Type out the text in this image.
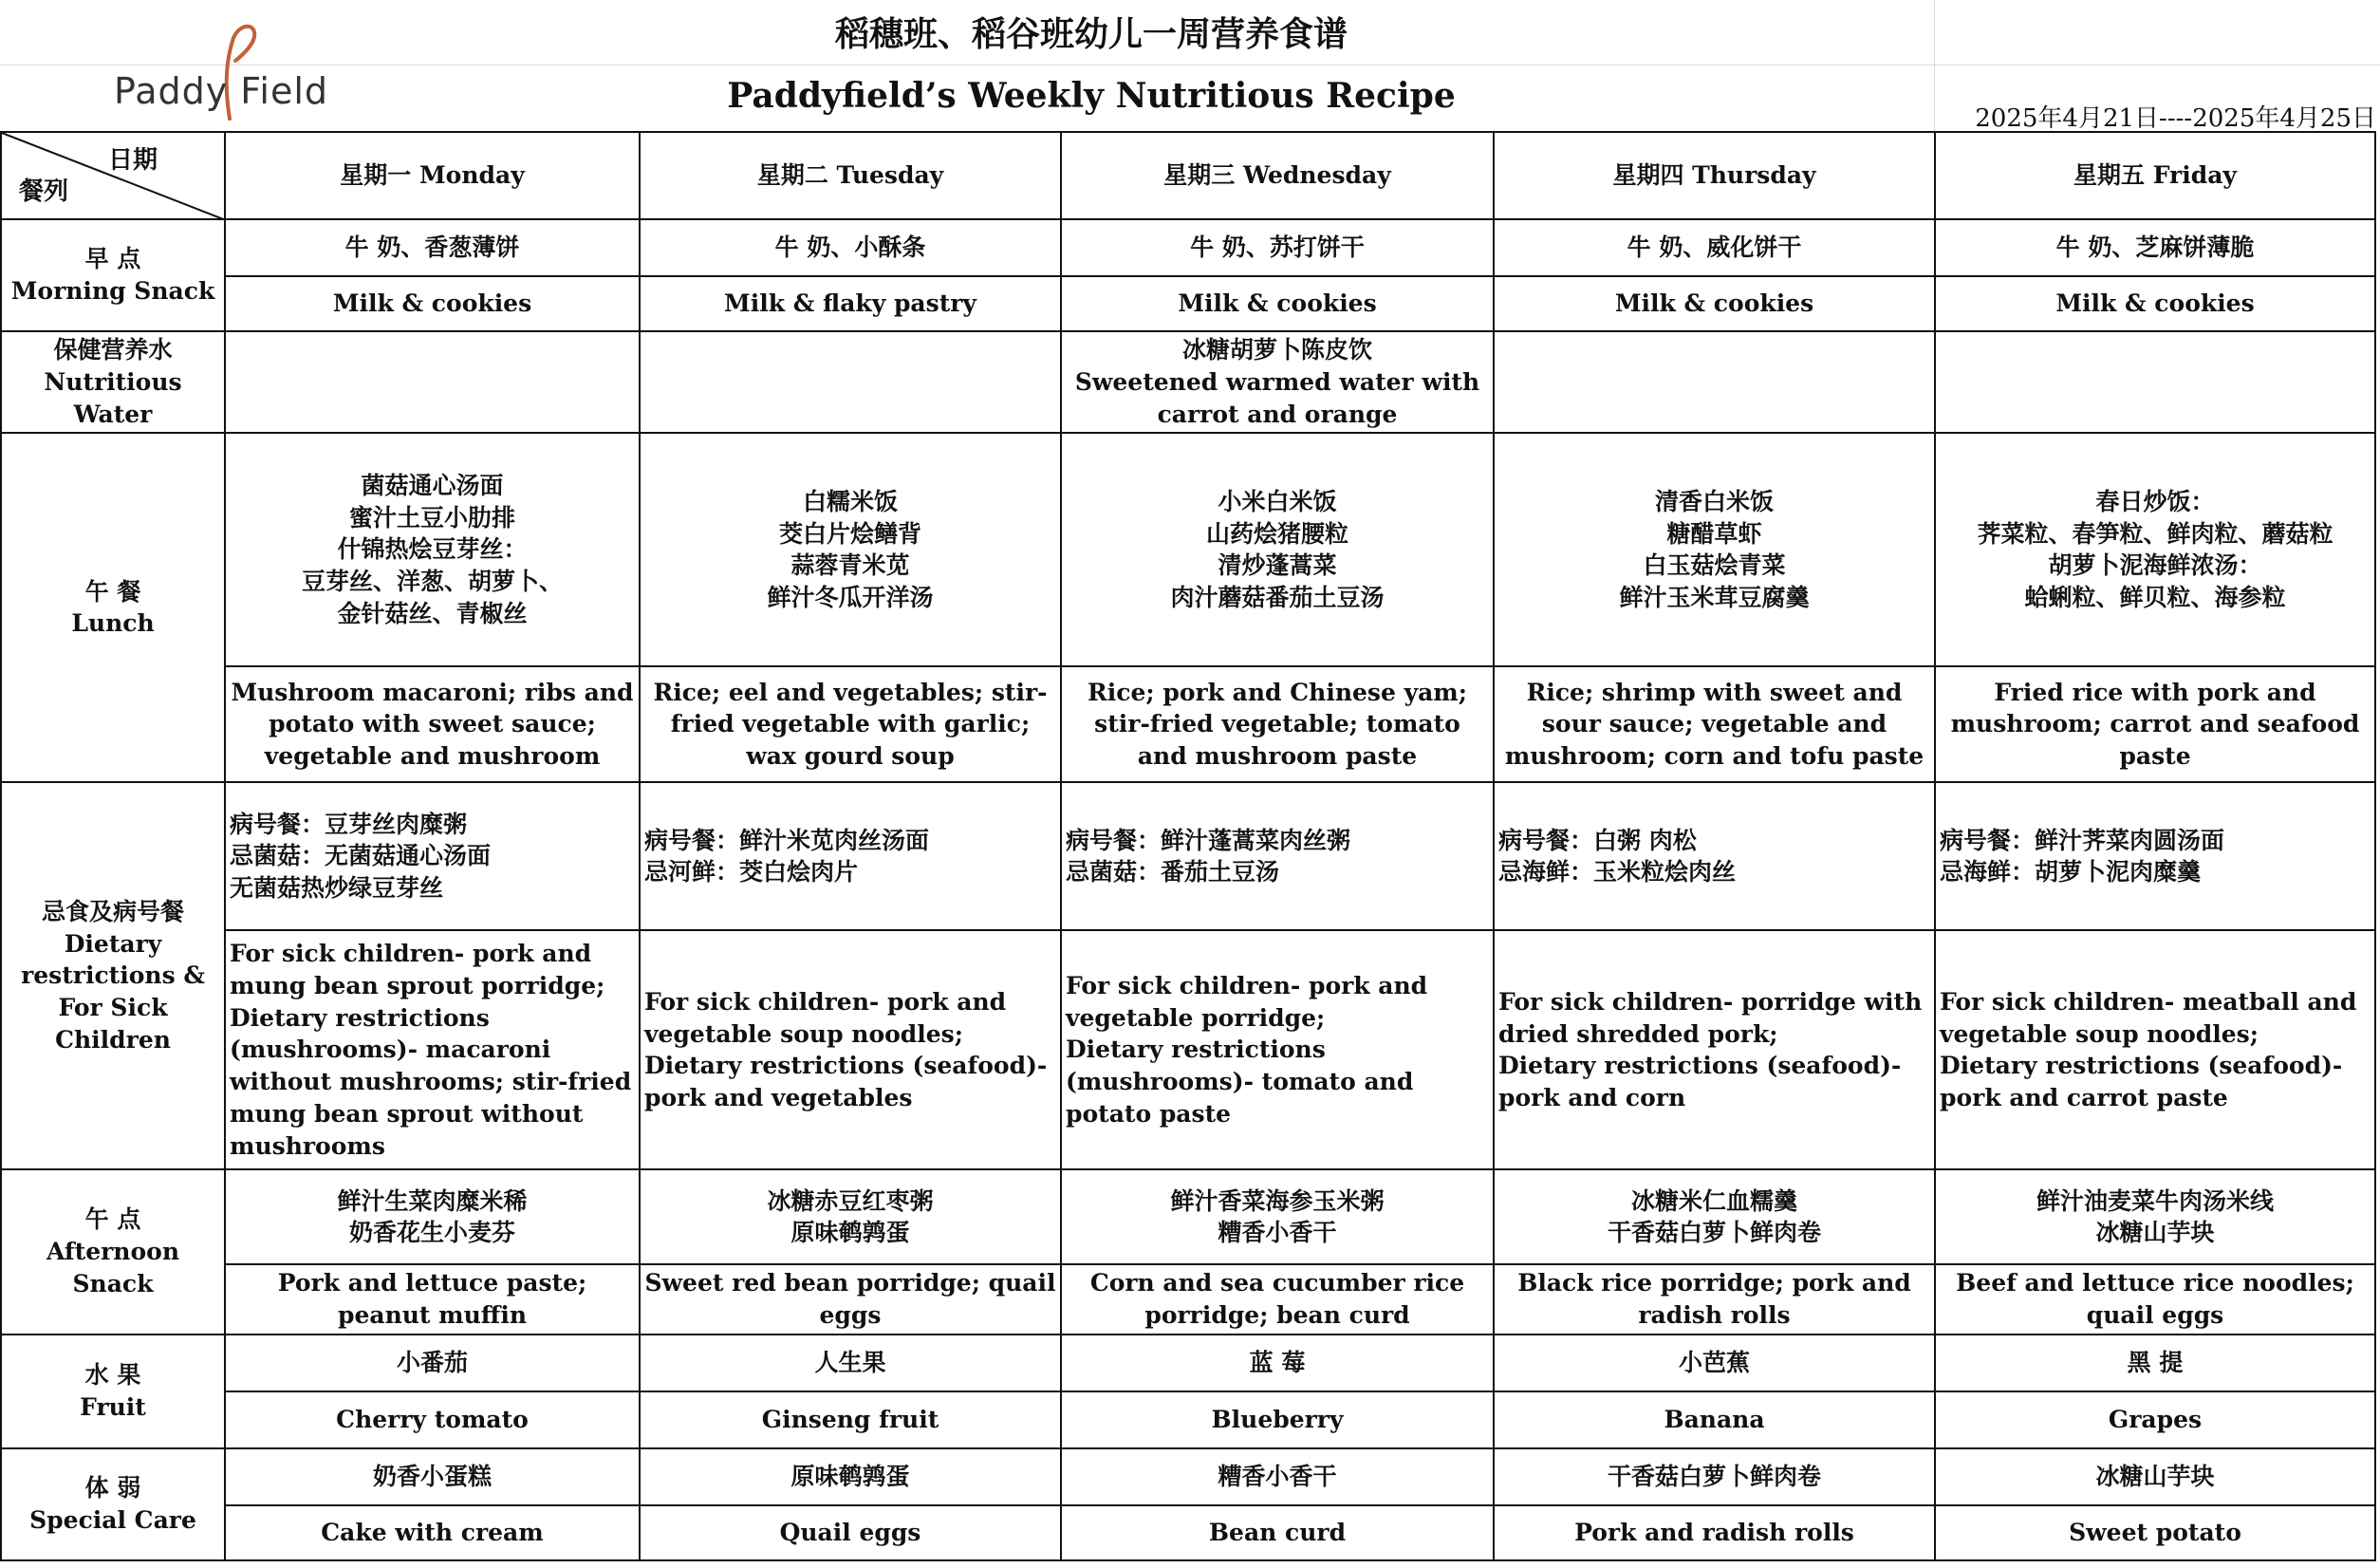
Paddy Field
稻穗班、稻谷班幼儿一周营养食谱
Paddyfield’s Weekly Nutritious Recipe
2025年4月21日----2025年4月25日
日期
餐列	星期一 Monday	星期二 Tuesday	星期三 Wednesday	星期四 Thursday	星期五 Friday

早 点
Morning Snack	牛 奶、香葱薄饼	牛 奶、小酥条	牛 奶、苏打饼干	牛 奶、威化饼干	牛 奶、芝麻饼薄脆
	Milk & cookies	Milk & flaky pastry	Milk & cookies	Milk & cookies	Milk & cookies

保健营养水
Nutritious Water			冰糖胡萝卜陈皮饮
Sweetened warmed water with carrot and orange		

午 餐
Lunch	菌菇通心汤面
蜜汁土豆小肋排
什锦热烩豆芽丝：
豆芽丝、洋葱、胡萝卜、
金针菇丝、青椒丝	白糯米饭
茭白片烩鳝背
蒜蓉青米苋
鲜汁冬瓜开洋汤	小米白米饭
山药烩猪腰粒
清炒蓬蒿菜
肉汁蘑菇番茄土豆汤	清香白米饭
糖醋草虾
白玉菇烩青菜
鲜汁玉米茸豆腐羹	春日炒饭：
荠菜粒、春笋粒、鲜肉粒、蘑菇粒
胡萝卜泥海鲜浓汤：
蛤蜊粒、鲜贝粒、海参粒
	Mushroom macaroni; ribs and potato with sweet sauce; vegetable and mushroom	Rice; eel and vegetables; stir-fried vegetable with garlic; wax gourd soup	Rice; pork and Chinese yam; stir-fried vegetable; tomato and mushroom paste	Rice; shrimp with sweet and sour sauce; vegetable and mushroom; corn and tofu paste	Fried rice with pork and mushroom; carrot and seafood paste

忌食及病号餐
Dietary restrictions & For Sick Children	病号餐：豆芽丝肉糜粥
忌菌菇：无菌菇通心汤面
无菌菇热炒绿豆芽丝	病号餐：鲜汁米苋肉丝汤面
忌河鲜：茭白烩肉片	病号餐：鲜汁蓬蒿菜肉丝粥
忌菌菇：番茄土豆汤	病号餐：白粥 肉松
忌海鲜：玉米粒烩肉丝	病号餐：鲜汁荠菜肉圆汤面
忌海鲜：胡萝卜泥肉糜羹
	For sick children- pork and mung bean sprout porridge;
Dietary restrictions (mushrooms)- macaroni without mushrooms; stir-fried mung bean sprout without mushrooms	For sick children- pork and vegetable soup noodles;
Dietary restrictions (seafood)- pork and vegetables	For sick children- pork and vegetable porridge;
Dietary restrictions (mushrooms)- tomato and potato paste	For sick children- porridge with dried shredded pork;
Dietary restrictions (seafood)- pork and corn	For sick children- meatball and vegetable soup noodles;
Dietary restrictions (seafood)- pork and carrot paste

午 点
Afternoon Snack	鲜汁生菜肉糜米稀
奶香花生小麦芬	冰糖赤豆红枣粥
原味鹌鹑蛋	鲜汁香菜海参玉米粥
糟香小香干	冰糖米仁血糯羹
干香菇白萝卜鲜肉卷	鲜汁油麦菜牛肉汤米线
冰糖山芋块
	Pork and lettuce paste; peanut muffin	Sweet red bean porridge; quail eggs	Corn and sea cucumber rice porridge; bean curd	Black rice porridge; pork and radish rolls	Beef and lettuce rice noodles; quail eggs

水 果
Fruit	小番茄	人生果	蓝 莓	小芭蕉	黑 提
	Cherry tomato	Ginseng fruit	Blueberry	Banana	Grapes

体 弱
Special Care	奶香小蛋糕	原味鹌鹑蛋	糟香小香干	干香菇白萝卜鲜肉卷	冰糖山芋块
	Cake with cream	Quail eggs	Bean curd	Pork and radish rolls	Sweet potato
